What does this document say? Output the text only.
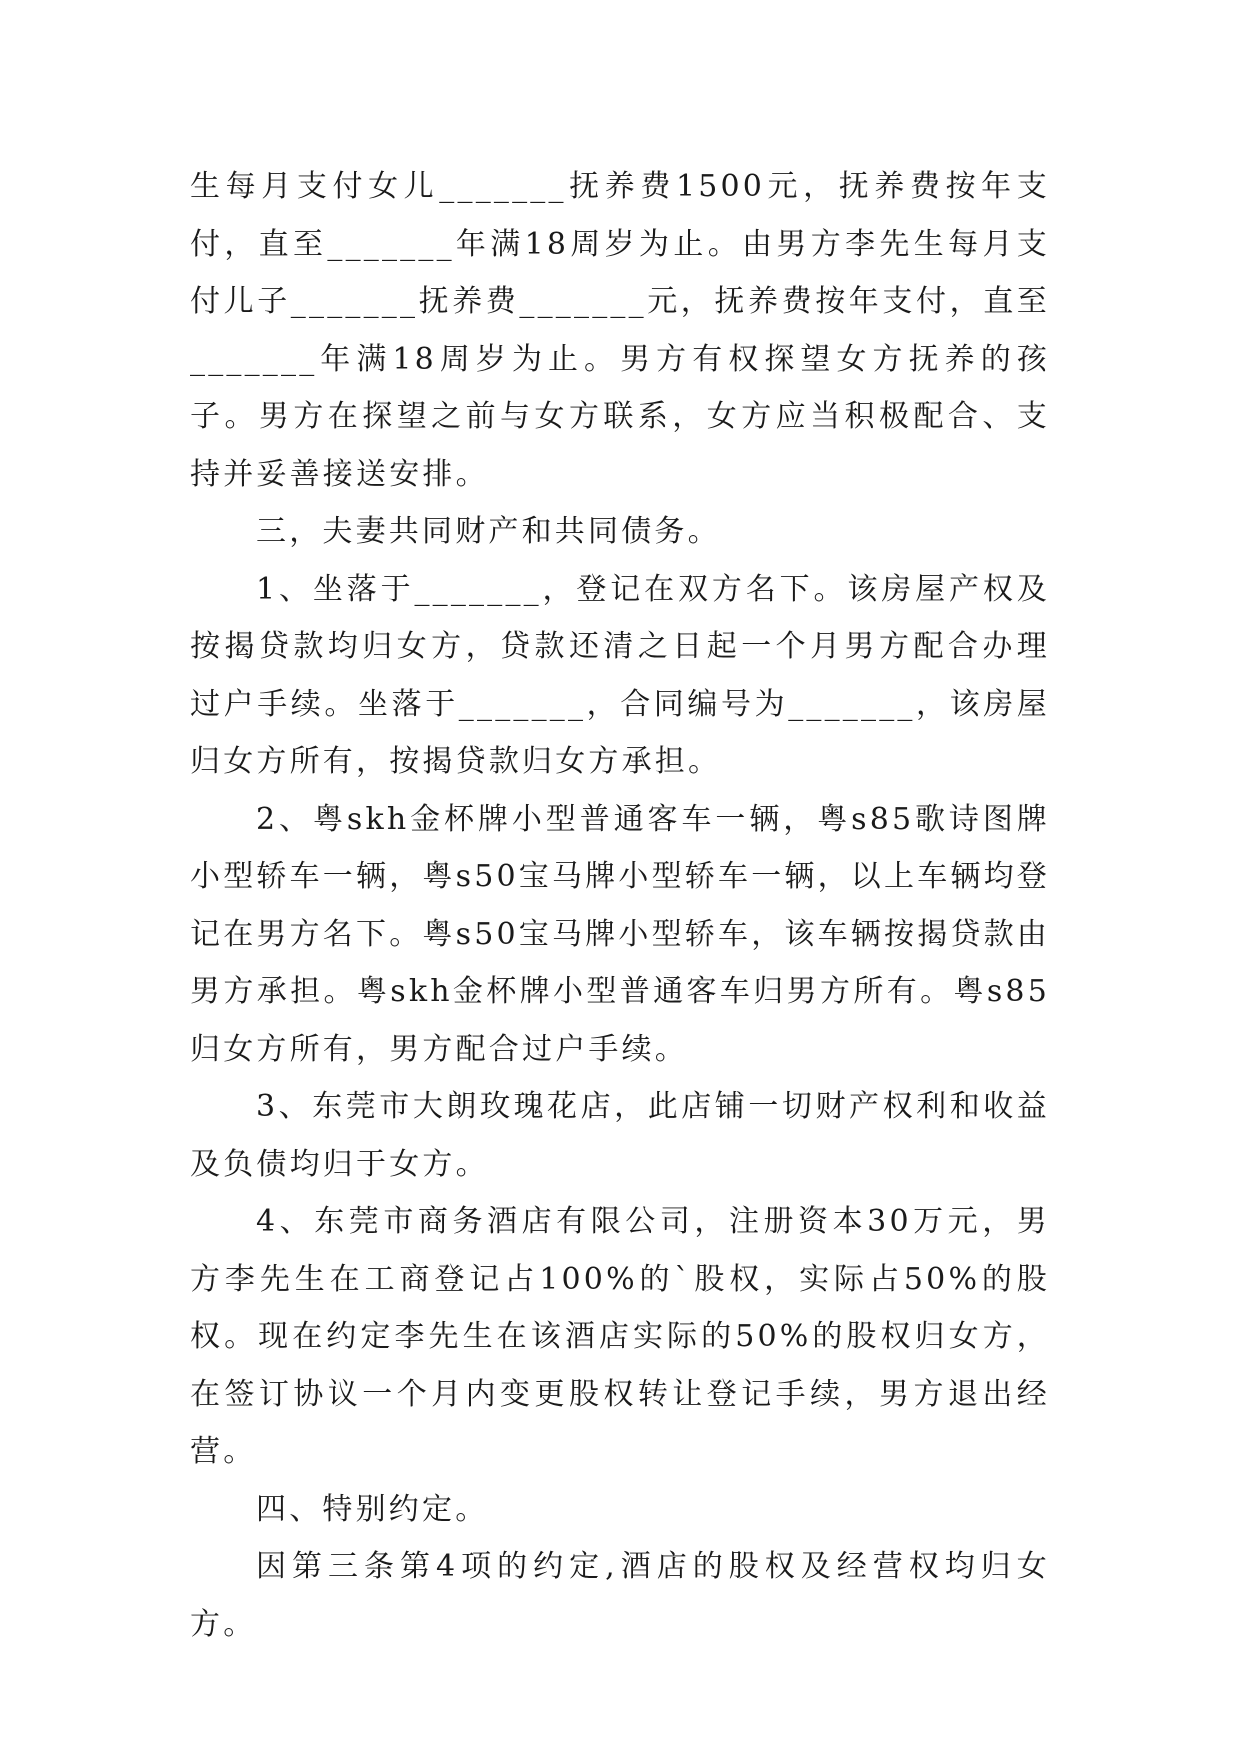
生每月支付女儿_______抚养费1500元，抚养费按年支付，直至_______年满18周岁为止。由男方李先生每月支付儿子_______抚养费_______元，抚养费按年支付，直至_______年满18周岁为止。男方有权探望女方抚养的孩子。男方在探望之前与女方联系，女方应当积极配合、支持并妥善接送安排。

三，夫妻共同财产和共同债务。

1、坐落于_______，登记在双方名下。该房屋产权及按揭贷款均归女方，贷款还清之日起一个月男方配合办理过户手续。坐落于_______，合同编号为_______，该房屋归女方所有，按揭贷款归女方承担。

2、粤skh金杯牌小型普通客车一辆，粤s85歌诗图牌小型轿车一辆，粤s50宝马牌小型轿车一辆，以上车辆均登记在男方名下。粤s50宝马牌小型轿车，该车辆按揭贷款由男方承担。粤skh金杯牌小型普通客车归男方所有。粤s85归女方所有，男方配合过户手续。

3、东莞市大朗玫瑰花店，此店铺一切财产权利和收益及负债均归于女方。

4、东莞市商务酒店有限公司，注册资本30万元，男方李先生在工商登记占100%的`股权，实际占50%的股权。现在约定李先生在该酒店实际的50%的股权归女方，在签订协议一个月内变更股权转让登记手续，男方退出经营。

四、特别约定。

因第三条第4项的约定,酒店的股权及经营权均归女方。
